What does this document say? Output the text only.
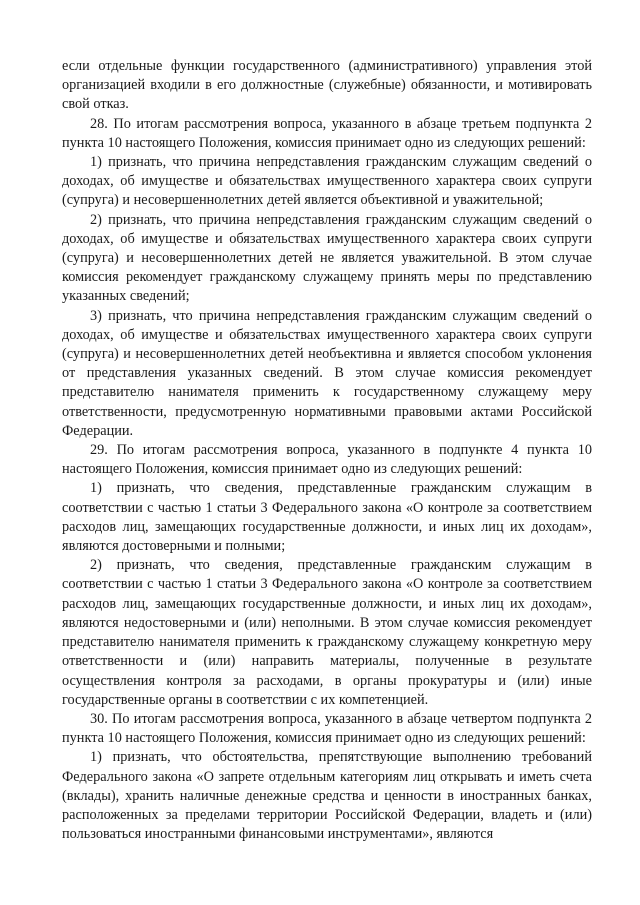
если отдельные функции государственного (административного) управления этой организацией входили в его должностные (служебные) обязанности, и мотивировать свой отказ.

28. По итогам рассмотрения вопроса, указанного в абзаце третьем подпункта 2 пункта 10 настоящего Положения, комиссия принимает одно из следующих решений:

1) признать, что причина непредставления гражданским служащим сведений о доходах, об имуществе и обязательствах имущественного характера своих супруги (супруга) и несовершеннолетних детей является объективной и уважительной;

2) признать, что причина непредставления гражданским служащим сведений о доходах, об имуществе и обязательствах имущественного характера своих супруги (супруга) и несовершеннолетних детей не является уважительной. В этом случае комиссия рекомендует гражданскому служащему принять меры по представлению указанных сведений;

3) признать, что причина непредставления гражданским служащим сведений о доходах, об имуществе и обязательствах имущественного характера своих супруги (супруга) и несовершеннолетних детей необъективна и является способом уклонения от представления указанных сведений. В этом случае комиссия рекомендует представителю нанимателя применить к государственному служащему меру ответственности, предусмотренную нормативными правовыми актами Российской Федерации.

29. По итогам рассмотрения вопроса, указанного в подпункте 4 пункта 10 настоящего Положения, комиссия принимает одно из следующих решений:

1) признать, что сведения, представленные гражданским служащим в соответствии с частью 1 статьи 3 Федерального закона «О контроле за соответствием расходов лиц, замещающих государственные должности, и иных лиц их доходам», являются достоверными и полными;

2) признать, что сведения, представленные гражданским служащим в соответствии с частью 1 статьи 3 Федерального закона «О контроле за соответствием расходов лиц, замещающих государственные должности, и иных лиц их доходам», являются недостоверными и (или) неполными. В этом случае комиссия рекомендует представителю нанимателя применить к гражданскому служащему конкретную меру ответственности и (или) направить материалы, полученные в результате осуществления контроля за расходами, в органы прокуратуры и (или) иные государственные органы в соответствии с их компетенцией.

30. По итогам рассмотрения вопроса, указанного в абзаце четвертом подпункта 2 пункта 10 настоящего Положения, комиссия принимает одно из следующих решений:

1) признать, что обстоятельства, препятствующие выполнению требований Федерального закона «О запрете отдельным категориям лиц открывать и иметь счета (вклады), хранить наличные денежные средства и ценности в иностранных банках, расположенных за пределами территории Российской Федерации, владеть и (или) пользоваться иностранными финансовыми инструментами», являются
